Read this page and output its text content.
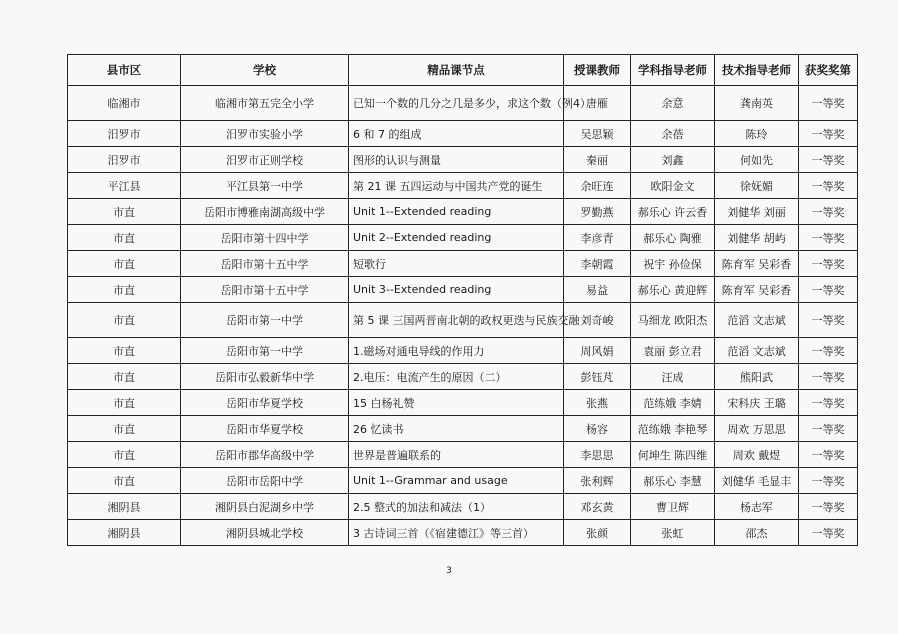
县市区	学校	精品课节点	授课教师	学科指导老师	技术指导老师	获奖奖第
临湘市	临湘市第五完全小学	已知一个数的几分之几是多少，求这个数（例4）	唐雁	余意	龚南英	一等奖
汨罗市	汨罗市实验小学	6 和 7 的组成	吴思颖	余蓓	陈玲	一等奖
汨罗市	汨罗市正则学校	图形的认识与测量	秦丽	刘鑫	何如先	一等奖
平江县	平江县第一中学	第 21 课 五四运动与中国共产党的诞生	余旺连	欧阳金文	徐妩媚	一等奖
市直	岳阳市博雅南湖高级中学	Unit 1--Extended reading	罗勤燕	郝乐心 许云香	刘健华 刘丽	一等奖
市直	岳阳市第十四中学	Unit 2--Extended reading	李彦青	郝乐心 陶雅	刘健华 胡屿	一等奖
市直	岳阳市第十五中学	短歌行	李朝霞	祝宇 孙俭保	陈育军 吴彩香	一等奖
市直	岳阳市第十五中学	Unit 3--Extended reading	易益	郝乐心 黄迎辉	陈育军 吴彩香	一等奖
市直	岳阳市第一中学	第 5 课 三国两晋南北朝的政权更迭与民族交融	刘奇峻	马细龙 欧阳杰	范滔 文志斌	一等奖
市直	岳阳市第一中学	1.磁场对通电导线的作用力	周风娟	袁丽 彭立君	范滔 文志斌	一等奖
市直	岳阳市弘毅新华中学	2.电压：电流产生的原因（二）	彭钰芃	汪成	熊阳武	一等奖
市直	岳阳市华夏学校	15 白杨礼赞	张燕	范练娥 李婧	宋科庆 王璐	一等奖
市直	岳阳市华夏学校	26 忆读书	杨容	范练娥 李艳琴	周欢 万思思	一等奖
市直	岳阳市郡华高级中学	世界是普遍联系的	李思思	何坤生 陈四维	周欢 戴煜	一等奖
市直	岳阳市岳阳中学	Unit 1--Grammar and usage	张利辉	郝乐心 李慧	刘健华 毛显丰	一等奖
湘阴县	湘阴县白泥湖乡中学	2.5 整式的加法和减法（1）	邓玄黄	曹卫辉	杨志军	一等奖
湘阴县	湘阴县城北学校	3 古诗词三首（《宿建德江》等三首）	张颜	张虹	邵杰	一等奖
3
